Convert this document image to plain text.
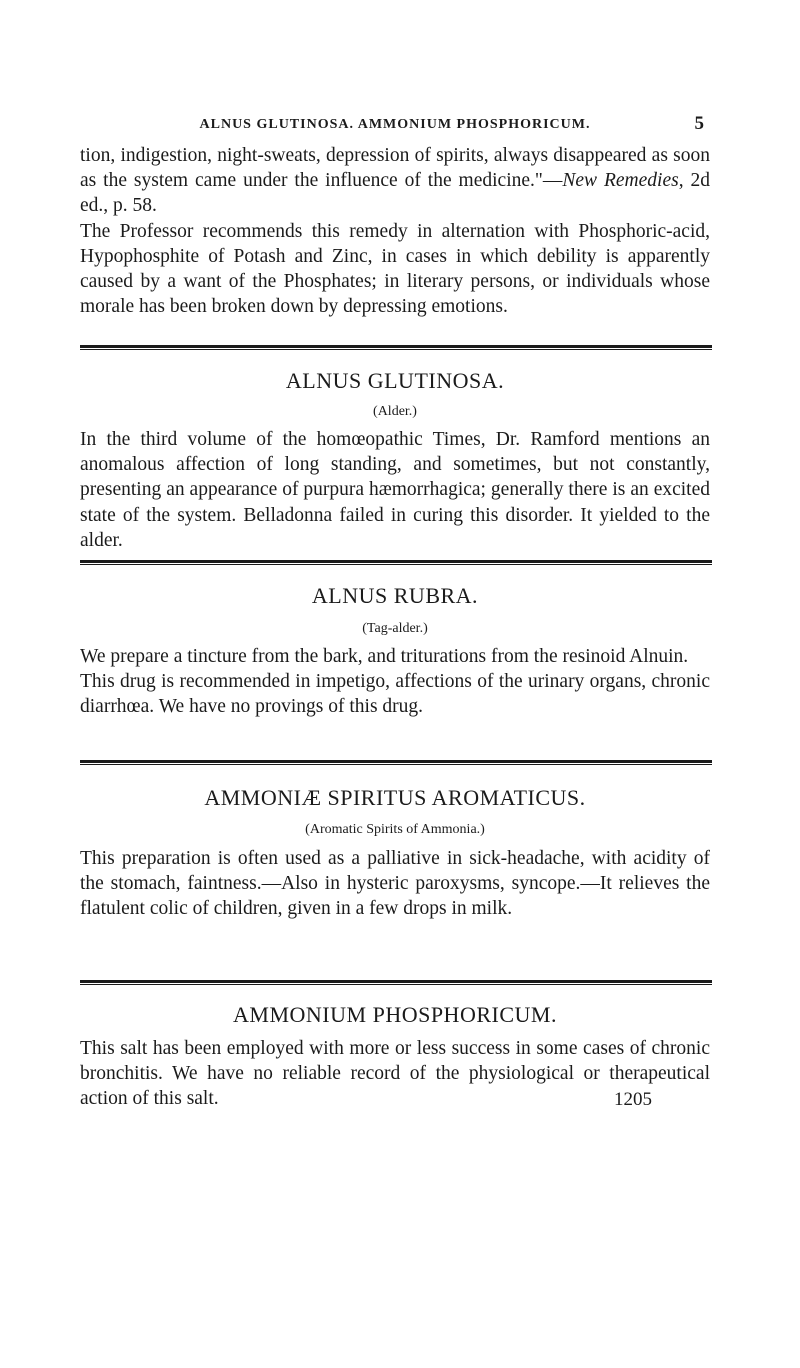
ALNUS GLUTINOSA. AMMONIUM PHOSPHORICUM.	5

tion, indigestion, night-sweats, depression of spirits, always disappeared as soon as the system came under the influence of the medicine."—New Remedies, 2d ed., p. 58.

The Professor recommends this remedy in alternation with Phosphoric-acid, Hypophosphite of Potash and Zinc, in cases in which debility is apparently caused by a want of the Phosphates; in literary persons, or individuals whose morale has been broken down by depressing emotions.

ALNUS GLUTINOSA.
(Alder.)

In the third volume of the homœopathic Times, Dr. Ramford mentions an anomalous affection of long standing, and sometimes, but not constantly, presenting an appearance of purpura hæmorrhagica; generally there is an excited state of the system. Belladonna failed in curing this disorder. It yielded to the alder.

ALNUS RUBRA.
(Tag-alder.)

We prepare a tincture from the bark, and triturations from the resinoid Alnuin.

This drug is recommended in impetigo, affections of the urinary organs, chronic diarrhœa. We have no provings of this drug.

AMMONIÆ SPIRITUS AROMATICUS.
(Aromatic Spirits of Ammonia.)

This preparation is often used as a palliative in sick-headache, with acidity of the stomach, faintness.—Also in hysteric paroxysms, syncope.—It relieves the flatulent colic of children, given in a few drops in milk.

AMMONIUM PHOSPHORICUM.

This salt has been employed with more or less success in some cases of chronic bronchitis. We have no reliable record of the physiological or therapeutical action of this salt.	1205
